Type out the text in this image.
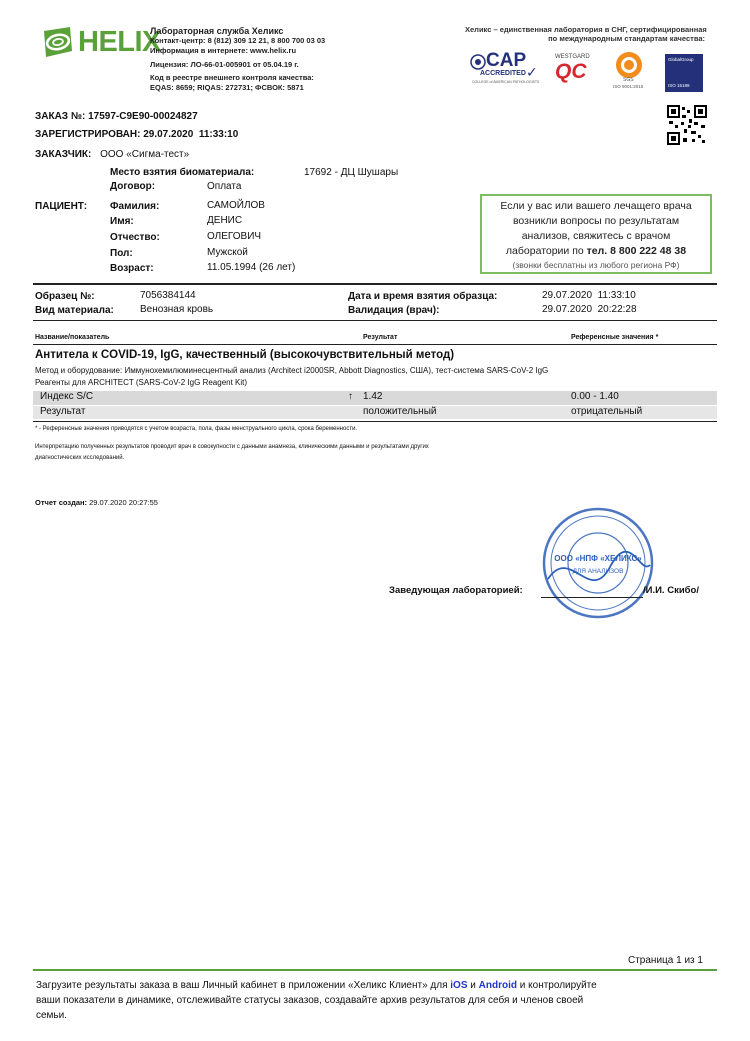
HELIX
Лабораторная служба Хеликс
Контакт-центр: 8 (812) 309 12 21, 8 800 700 03 03
Информация в интернете: www.helix.ru
Лицензия: ЛО-66-01-005901 от 05.04.19 г.
Код в реестре внешнего контроля качества:
EQAS: 8659; RIQAS: 272731; ФСВОК: 5871
Хеликс – единственная лаборатория в СНГ, сертифицированная
по международным стандартам качества:
CAP
ACCREDITED ✓
COLLEGE of AMERICAN PATHOLOGISTS
WESTGARD
QC	SGS
ISO 9001:2015
GlobalGroup
ISO 15189
ЗАКАЗ №: 17597-C9E90-00024827
ЗАРЕГИСТРИРОВАН: 29.07.2020  11:33:10
ЗАКАЗЧИК: ООО «Сигма-тест»
Место взятия биоматериала:	17692 - ДЦ Шушары
Договор:	Оплата
ПАЦИЕНТ: Фамилия:	САМОЙЛОВ
Имя:	ДЕНИС
Отчество:	ОЛЕГОВИЧ
Пол:	Мужской
Возраст:	11.05.1994 (26 лет)
Если у вас или вашего лечащего врача
возникли вопросы по результатам
анализов, свяжитесь с врачом
лаборатории по тел. 8 800 222 48 38
(звонки бесплатны из любого региона РФ)
Образец №:	7056384144
Вид материала:	Венозная кровь
Дата и время взятия образца:	29.07.2020  11:33:10
Валидация (врач):	29.07.2020  20:22:28
Название/показатель	Результат	Референсные значения *
Антитела к COVID-19, IgG, качественный (высокочувствительный метод)
Метод и оборудование: Иммунохемилюминесцентный анализ (Architect i2000SR, Abbott Diagnostics, США), тест-система SARS-CoV-2 IgG
Реагенты для ARCHITECT (SARS-CoV-2 IgG Reagent Kit)
Индекс S/C	↑ 1.42	0.00 - 1.40
Результат	положительный	отрицательный
* - Референсные значения приводятся с учетом возраста, пола, фазы менструального цикла, срока беременности.
Интерпретацию полученных результатов проводит врач в совокупности с данными анамнеза, клиническими данными и результатами других
диагностических исследований.
Отчет создан: 29.07.2020 20:27:55
ООО «НПФ «ХЕЛИКС»
ДЛЯ АНАЛИЗОВ
Заведующая лабораторией:	/И.И. Скибо/
Страница 1 из 1
Загрузите результаты заказа в ваш Личный кабинет в приложении «Хеликс Клиент» для iOS и Android и контролируйте
ваши показатели в динамике, отслеживайте статусы заказов, создавайте архив результатов для себя и членов своей
семьи.
